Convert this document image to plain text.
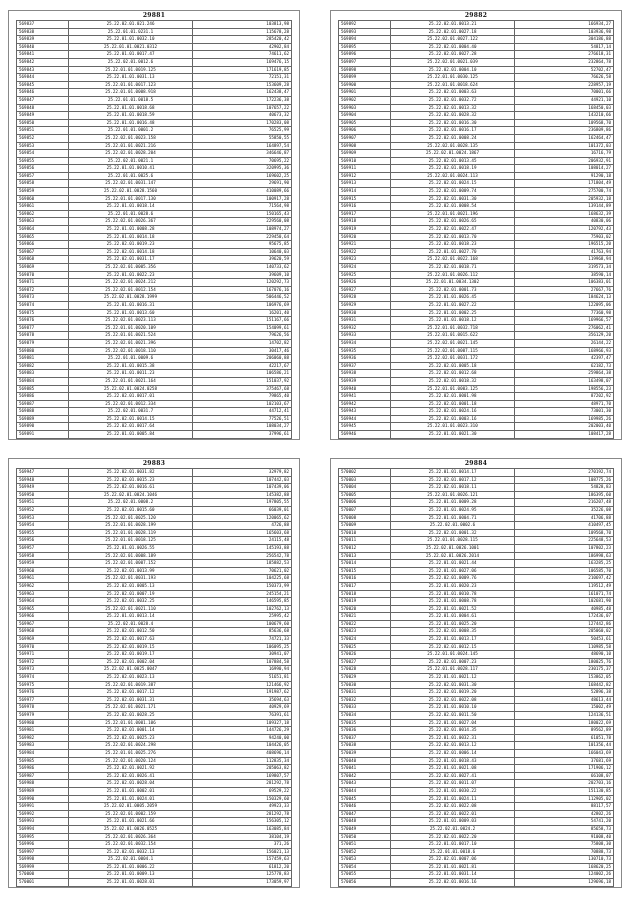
29881
569837	25.22.02.01.021.246	103813,98
569838	25.22.01.01.0231.1	115678,28
569839	25.22.01.01.0032.10	285420,42
569840	25.22.01.01.0021.0312	42902,84
569841	25.22.01.01.0017.47	74611,62
569842	25.22.02.01.0012.6	169476,15
569843	25.22.01.01.0019.125	171619,85
569844	25.22.01.01.0031.13	72151,31
569845	25.22.01.01.0017.123	153609,28
569846	25.22.01.01.0008.918	162438,47
569847	25.22.01.01.0018.5	172236,38
569848	25.22.01.01.0018.68	107657,22
569849	25.22.01.01.0018.59	40673,32
569850	25.22.01.01.0016.48	170283,08
569851	25.22.01.01.0001.2	76525,99
569852	25.22.02.01.0023.158	55850,55
569853	25.22.01.01.0021.216	164897,54
569854	25.22.02.01.0028.204	346646,87
569855	25.22.02.01.0021.1	70695,22
569856	25.22.01.01.0010.41	320995,36
569857	25.22.01.01.0025.6	169602,25
569858	25.22.02.01.0031.147	29691,90
569859	25.22.02.01.0028.1560	410089,66
569860	25.22.01.01.0017.130	100917,28
569861	25.22.01.01.0018.14	71564,98
569862	25.22.01.01.0028.6	150165,43
569863	25.22.02.01.0026.367	229560,08
569864	25.22.01.01.0008.28	108974,27
569865	25.22.01.01.0014.18	229450,64
569866	25.22.02.01.0019.23	95675,85
569867	25.22.02.01.0014.18	10640,03
569868	25.22.02.01.0031.17	39620,59
569869	25.22.02.01.0005.356	140733,62
569870	25.22.01.01.0022.23	39609,10
569871	25.22.02.01.0024.212	120292,73
569872	25.22.02.01.0012.154	167076,16
569873	25.22.02.01.0028.1999	506446,52
569874	25.22.01.01.0016.31	106976,69
569875	25.22.01.01.0013.60	16201,40
569876	25.22.02.01.0023.113	151167,66
569877	25.22.01.01.0020.109	154099,61
569878	25.22.01.01.0021.524	79626,56
569879	25.22.02.01.0021.396	14702,82
569880	25.22.02.01.0018.110	30417,46
569881	25.22.01.01.0009.6	206060,88
569882	25.22.01.01.0015.38	42217,67
569883	25.22.01.01.0011.23	106586,21
569884	25.22.01.01.0021.164	151037,92
569885	25.22.02.01.0024.0258	375467,68
569886	25.22.02.01.0017.01	79865,40
569887	25.22.02.01.0012.334	102103,67
569888	25.22.02.01.0031.7	44712,41
569889	25.22.02.01.0014.15	77526,51
569890	25.22.02.01.0017.64	108034,27
569891	25.22.01.01.0005.84	37996,61
29882
569892	25.22.02.01.0013.21	166934,27
569893	25.22.02.01.0027.18	103936,98
569894	25.22.02.01.0027.122	304186,88
569895	25.22.02.01.0004.40	54817,14
569896	25.22.02.01.0027.28	276618,31
569897	25.22.02.01.0021.039	232864,78
569898	25.22.02.01.0004.10	52702,47
569899	25.22.01.01.0030.125	76626,58
569900	25.22.01.01.0018.624	228957,19
569901	25.22.02.01.0003.63	70001,66
569902	25.22.02.01.0032.72	44921,10
569903	25.22.02.01.0013.32	168450,03
569904	25.22.02.01.0028.32	143210,66
569905	25.22.02.01.0016.30	109568,70
569906	25.22.02.01.0016.17	236809,86
569907	25.22.02.01.0008.24	162464,47
569908	25.22.02.01.0028.135	101372,03
569909	25.22.02.01.0024.1867	16716,79
569910	25.22.02.01.0013.45	206932,91
569911	25.22.02.01.0018.19	108014,27
569912	25.22.02.01.0024.113	91290,18
569913	25.22.02.01.0024.15	171804,49
569914	25.22.02.01.0009.74	275700,74
569915	25.22.02.01.0031.30	205932,18
569916	25.22.02.01.0008.54	139144,89
569917	25.22.01.01.0021.196	168632,39
569918	25.22.02.01.0026.65	40830,06
569919	25.22.02.01.0022.47	120792,43
569920	25.22.02.01.0013.70	75903,02
569921	25.22.02.01.0018.23	196515,20
569922	25.22.01.01.0027.70	41763,94
569923	25.22.02.01.0022.168	119968,94
569924	25.22.02.01.0018.71	319573,34
569925	25.22.01.01.0026.112	38590,14
569926	25.22.01.01.0034.1302	106383,01
569927	25.22.02.01.0001.73	27667,76
569928	25.22.01.01.0026.45	184624,13
569929	25.22.01.01.0027.22	122095,06
569930	25.22.01.01.0002.25	77360,98
569931	25.22.01.01.0018.12	169966,57
569932	25.22.01.01.0032.718	276062,41
569933	25.22.01.01.0015.622	356129,20
569934	25.22.02.01.0021.145	26144,22
569935	25.22.02.01.0007.115	168966,93
569936	25.22.02.01.0031.172	42397,47
569937	25.22.02.01.0005.18	62182,73
569938	25.22.02.01.0012.68	259864,38
569939	25.22.02.01.0018.32	163498,07
569940	25.22.01.01.0003.125	198556,23
569941	25.22.02.01.0001.98	87202,92
569942	25.22.02.01.0001.18	48971,70
569943	25.22.02.01.0024.16	73001,30
569944	25.22.02.01.0003.16	169985,26
569945	25.22.01.01.0023.310	202003,40
569946	25.22.01.01.0021.30	108417,28
29883
569947	25.22.02.01.0031.82	32979,82
569948	25.22.02.01.0015.23	107442,03
569949	25.22.02.01.0016.61	107439,06
569950	25.22.02.01.0024.1046	145382,88
569951	25.22.02.01.0008.2	197805,55
569952	25.22.02.01.0015.60	66039,01
569953	25.22.02.01.0025.120	120065,62
569954	25.22.01.01.0028.199	4726,88
569955	25.22.01.01.0028.119	165603,68
569956	25.22.01.01.0018.125	24115,48
569957	25.22.01.01.0026.55	145193,88
569958	25.22.02.01.0008.189	256542,78
569959	25.22.02.01.0007.152	185882,53
569960	25.22.02.01.0013.99	70621,02
569961	25.22.02.01.0031.193	104225,68
569962	25.22.02.01.0005.13	150373,99
569963	25.22.02.01.0007.19	245154,21
569964	25.22.02.01.0032.25	146595,85
569965	25.22.02.01.0021.110	102762,13
569966	25.22.01.01.0013.14	25995,42
569967	25.22.02.01.0028.4	100679,60
569968	25.22.02.01.0012.50	85636,68
569969	25.22.02.01.0017.63	74721,33
569970	25.22.02.01.0019.15	106095,25
569971	25.22.02.01.0019.17	30941,07
569972	25.22.02.01.0002.04	107884,58
569973	25.22.02.01.0025.0047	16990,94
569974	25.22.02.01.0023.13	51651,81
569975	25.22.02.01.0019.387	121466,92
569976	25.22.02.01.0017.12	191987,62
569977	25.22.02.01.0031.31	35694,63
569978	25.22.02.01.0021.171	40929,69
569979	25.22.02.01.0028.25	76391,61
569980	25.22.01.01.0001.106	109327,18
569981	25.22.02.01.0001.14	144726,29
569982	25.22.02.01.0025.23	94240,00
569983	25.22.02.01.0024.298	104426,05
569984	25.22.01.01.0025.276	408696,14
569985	25.22.02.01.0020.124	112835,34
569986	25.22.02.01.0021.92	205063,82
569987	25.22.02.01.0026.41	169807,57
569988	25.22.02.01.0028.04	281292,78
569989	25.22.01.01.0002.01	69529,22
569990	25.22.01.01.0024.01	150329,60
569991	25.22.02.01.0005.2059	49923,33
569992	25.22.02.01.0002.159	281292,78
569993	25.22.01.01.0021.66	156305,12
569994	25.22.02.01.0026.0525	163085,84
569995	25.22.02.01.0026.364	38104,19
569996	25.22.02.01.0032.154	371,26
569997	25.22.02.01.0032.13	156021,13
569998	25.22.02.01.0004.1	157459,63
569999	25.22.01.01.0006.22	61812,20
570000	25.22.01.01.0009.13	125778,83
570001	25.22.01.01.0028.01	173059,97
29884
570002	25.22.01.01.0014.17	270192,74
570003	25.22.02.01.0017.12	108775,26
570004	25.22.02.01.0018.11	54828,83
570005	25.22.01.01.0026.121	186395,60
570006	25.22.01.01.0009.28	216207,48
570007	25.22.01.01.0024.95	35226,08
570008	25.22.01.01.0004.71	41706,88
570009	25.22.02.01.0002.6	410497,45
570010	25.22.02.01.0001.32	109568,70
570011	25.22.01.01.0028.115	225648,53
570012	25.22.02.01.0026.1001	107802,23
570013	25.22.02.01.0026.2014	186998,63
570014	25.22.01.01.0021.44	163285,25
570015	25.22.01.01.0027.06	106585,70
570016	25.22.02.01.0009.76	210697,42
570017	25.22.01.01.0020.23	119512,49
570018	25.22.01.01.0010.78	161071,74
570019	25.22.01.01.0008.78	102681,90
570020	25.22.01.01.0021.52	40985,48
570021	25.22.01.01.0004.61	172436,07
570022	25.22.01.01.0025.20	127442,86
570023	25.22.02.01.0008.35	205060,02
570024	25.22.01.01.0013.17	50453,61
570025	25.22.02.01.0012.15	110985,58
570026	25.22.01.01.0024.145	48690,10
570027	25.22.02.01.0007.23	180025,76
570028	25.22.01.01.0028.117	230175,37
570029	25.22.01.01.0021.12	153862,05
570030	25.22.02.01.0031.30	168442,82
570031	25.22.02.01.0019.20	52896,38
570032	25.22.02.01.0022.08	48613,44
570033	25.22.01.01.0010.10	15002,49
570034	25.22.02.01.0011.50	124136,51
570035	25.22.01.01.0027.04	180022,69
570036	25.22.02.01.0014.35	89562,89
570037	25.22.01.01.0032.31	61051,78
570038	25.22.02.01.0013.12	101356,44
570039	25.22.02.01.0006.14	166043,69
570040	25.22.01.01.0018.43	37681,69
570041	25.22.01.01.0021.08	171906,12
570042	25.22.02.01.0027.41	66108,07
570043	25.22.02.01.0011.07	202703,16
570044	25.22.01.01.0030.22	151130,85
570045	25.22.01.01.0024.11	112905,02
570046	25.22.02.01.0022.08	88117,57
570047	25.22.02.01.0022.01	42802,26
570048	25.22.01.01.0009.03	54741,20
570049	25.22.02.01.0024.2	85658,73
570050	25.22.02.01.0022.20	91008,40
570051	25.22.01.01.0017.10	75808,30
570052	25.22.01.01.0018.6	70888,73
570053	25.22.02.01.0007.06	130710,73
570054	25.22.01.01.0021.81	168620,25
570055	25.22.01.01.0031.14	124002,26
570056	25.22.02.01.0016.16	129696,18
